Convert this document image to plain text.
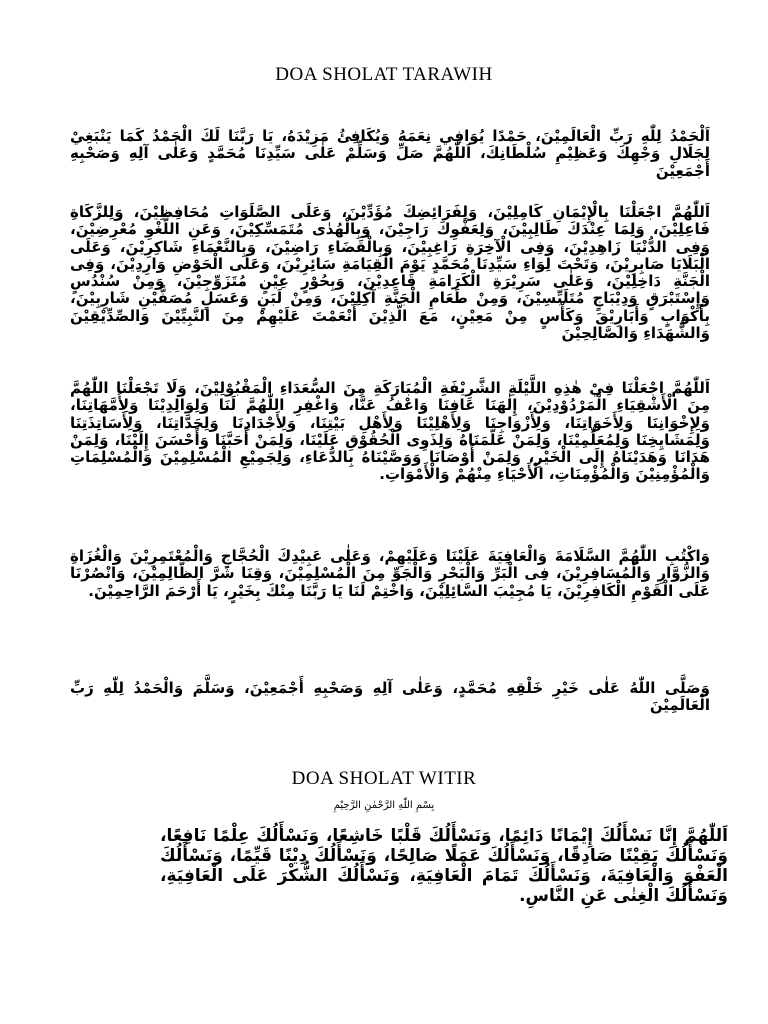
DOA SHOLAT TARAWIH

اَلْحَمْدُ لِلّٰهِ رَبِّ الْعَالَمِيْنَ، حَمْدًا يُوَافِي نِعَمَهُ وَيُكَافِئُ مَزِيْدَهُ، يَا رَبَّنَا لَكَ الْحَمْدُ كَمَا يَنْبَغِيْ لِجَلَالِ وَجْهِكَ وَعَظِيْمِ سُلْطَانِكَ، اَللّٰهُمَّ صَلِّ وَسَلِّمْ عَلٰى سَيِّدِنَا مُحَمَّدٍ وَعَلٰى آلِهِ وَصَحْبِهِ أَجْمَعِيْنَ

اَللّٰهُمَّ اجْعَلْنَا بِالْإِيْمَانِ كَامِلِيْنَ، وَلِفَرَائِضِكَ مُؤَدِّيْنَ، وَعَلَى الصَّلَوَاتِ مُحَافِظِيْنَ، وَلِلزَّكَاةِ فَاعِلِيْنَ، وَلِمَا عِنْدَكَ طَالِبِيْنَ، وَلِعَفْوِكَ رَاجِيْنَ، وَبِالْهُدٰى مُتَمَسِّكِيْنَ، وَعَنِ اللَّغْوِ مُعْرِضِيْنَ، وَفِى الدُّنْيَا زَاهِدِيْنَ، وَفِى الْآخِرَةِ رَاغِبِيْنَ، وَبِالْقَضَاءِ رَاضِيْنَ، وَبِالنَّعْمَاءِ شَاكِرِيْنَ، وَعَلَى الْبَلَايَا صَابِرِيْنَ، وَتَحْتَ لِوَاءِ سَيِّدِنَا مُحَمَّدٍ يَوْمَ الْقِيَامَةِ سَائِرِيْنَ، وَعَلَى الْحَوْضِ وَارِدِيْنَ، وَفِى الْجَنَّةِ دَاخِلِيْنَ، وَعَلٰى سَرِيْرَةِ الْكَرَامَةِ قَاعِدِيْنَ، وَبِحُوْرٍ عِيْنٍ مُتَزَوِّجِيْنَ، وَمِنْ سُنْدُسٍ وَإِسْتَبْرَقٍ وَدِيْبَاجٍ مُتَلَبِّسِيْنَ، وَمِنْ طَعَامِ الْجَنَّةِ آكِلِيْنَ، وَمِنْ لَبَنٍ وَعَسَلٍ مُصَفًّيْنِ شَارِبِيْنَ، بِأَكْوَابٍ وَأَبَارِيْقَ وَكَأْسٍ مِنْ مَعِيْنٍ، مَعَ الَّذِيْنَ أَنْعَمْتَ عَلَيْهِمْ مِنَ النَّبِيِّيْنَ وَالصِّدِّيْقِيْنَ وَالشُّهَدَاءِ وَالصَّالِحِيْنَ

اَللّٰهُمَّ اجْعَلْنَا فِيْ هٰذِهِ اللَّيْلَةِ الشَّرِيْفَةِ الْمُبَارَكَةِ مِنَ السُّعَدَاءِ الْمَقْبُوْلِيْنَ، وَلَا تَجْعَلْنَا اللّٰهُمَّ مِنَ الْأَشْقِيَاءِ الْمَرْدُوْدِيْنَ، إِلٰهَنَا عَافِنَا وَاعْفُ عَنَّا، وَاغْفِرِ اللّٰهُمَّ لَنَا وَلِوَالِدِيْنَا وَلِأُمَّهَاتِنَا، وَلِإِخْوَانِنَا وَلِأَخَوَاتِنَا، وَلِأَزْوَاجِنَا وَلِأَهْلِيْنَا وَلِأَهْلِ بَيْتِنَا، وَلِأَجْدَادِنَا وَلِجَدَّاتِنَا، وَلِأَسَاتِذَتِنَا وَلِمَشَايِخِنَا وَلِمُعَلِّمِيْنَا، وَلِمَنْ عَلَّمَنَاهُ وَلِذَوِى الْحُقُوْقِ عَلَيْنَا، وَلِمَنْ أَحَبَّنَا وَأَحْسَنَ إِلَيْنَا، وَلِمَنْ هَدَانَا وَهَدَيْنَاهُ إِلَى الْخَيْرِ، وَلِمَنْ أَوْصَانَا وَوَصَّيْنَاهُ بِالدُّعَاءِ، وَلِجَمِيْعِ الْمُسْلِمِيْنَ وَالْمُسْلِمَاتِ وَالْمُؤْمِنِيْنَ وَالْمُؤْمِنَاتِ، الْأَحْيَاءِ مِنْهُمْ وَالْأَمْوَاتِ.

وَاكْتُبِ اللّٰهُمَّ السَّلَامَةَ وَالْعَافِيَةَ عَلَيْنَا وَعَلَيْهِمْ، وَعَلٰى عَبِيْدِكَ الْحُجَّاجِ وَالْمُعْتَمِرِيْنَ وَالْغُزَاةِ وَالزُّوَّارِ وَالْمُسَافِرِيْنَ، فِى الْبَرِّ وَالْبَحْرِ وَالْجَوِّ مِنَ الْمُسْلِمِيْنَ، وَقِنَا شَرَّ الظَّالِمِيْنَ، وَانْصُرْنَا عَلَى الْقَوْمِ الْكَافِرِيْنَ، يَا مُجِيْبَ السَّائِلِيْنَ، وَاخْتِمْ لَنَا يَا رَبَّنَا مِنْكَ بِخَيْرٍ، يَا أَرْحَمَ الرَّاحِمِيْنَ.

وَصَلَّى اللّٰهُ عَلٰى خَيْرِ خَلْقِهِ مُحَمَّدٍ، وَعَلٰى آلِهِ وَصَحْبِهِ أَجْمَعِيْنَ، وَسَلَّمَ وَالْحَمْدُ لِلّٰهِ رَبِّ الْعَالَمِيْنَ

DOA SHOLAT WITIR
بِسْمِ اللّٰهِ الرَّحْمٰنِ الرَّحِيْمِ

اَللّٰهُمَّ إِنَّا نَسْأَلُكَ إِيْمَانًا دَائِمًا، وَنَسْأَلُكَ قَلْبًا خَاشِعًا، وَنَسْأَلُكَ عِلْمًا نَافِعًا، وَنَسْأَلُكَ يَقِيْنًا صَادِقًا، وَنَسْأَلُكَ عَمَلًا صَالِحًا، وَنَسْأَلُكَ دِيْنًا قَيِّمًا، وَنَسْأَلُكَ الْعَفْوَ وَالْعَافِيَةَ، وَنَسْأَلُكَ تَمَامَ الْعَافِيَةِ، وَنَسْأَلُكَ الشُّكْرَ عَلَى الْعَافِيَةِ، وَنَسْأَلُكَ الْغِنٰى عَنِ النَّاسِ.
